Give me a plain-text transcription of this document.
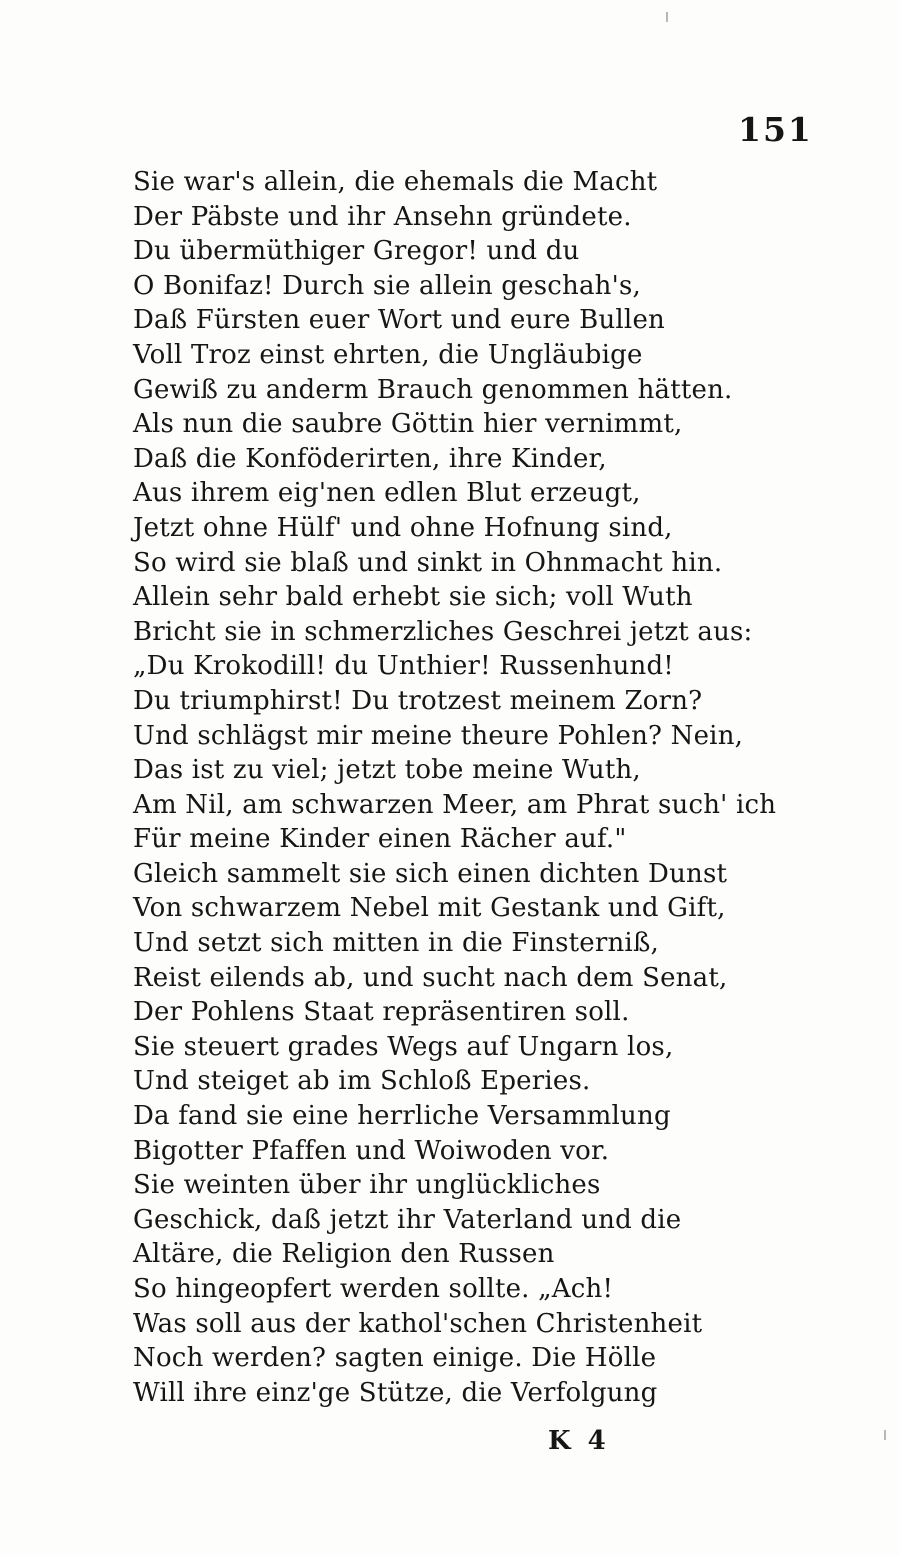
151

Sie war's allein, die ehemals die Macht
Der Päbste und ihr Ansehn gründete.
Du übermüthiger Gregor! und du
O Bonifaz! Durch sie allein geschah's,
Daß Fürsten euer Wort und eure Bullen
Voll Troz einst ehrten, die Ungläubige
Gewiß zu anderm Brauch genommen hätten.
Als nun die saubre Göttin hier vernimmt,
Daß die Konföderirten, ihre Kinder,
Aus ihrem eig'nen edlen Blut erzeugt,
Jetzt ohne Hülf' und ohne Hofnung sind,
So wird sie blaß und sinkt in Ohnmacht hin.
Allein sehr bald erhebt sie sich; voll Wuth
Bricht sie in schmerzliches Geschrei jetzt aus:
„Du Krokodill! du Unthier! Russenhund!
Du triumphirst! Du trotzest meinem Zorn?
Und schlägst mir meine theure Pohlen? Nein,
Das ist zu viel; jetzt tobe meine Wuth,
Am Nil, am schwarzen Meer, am Phrat such' ich
Für meine Kinder einen Rächer auf."
Gleich sammelt sie sich einen dichten Dunst
Von schwarzem Nebel mit Gestank und Gift,
Und setzt sich mitten in die Finsterniß,
Reist eilends ab, und sucht nach dem Senat,
Der Pohlens Staat repräsentiren soll.
Sie steuert grades Wegs auf Ungarn los,
Und steiget ab im Schloß Eperies.
Da fand sie eine herrliche Versammlung
Bigotter Pfaffen und Woiwoden vor.
Sie weinten über ihr unglückliches
Geschick, daß jetzt ihr Vaterland und die
Altäre, die Religion den Russen
So hingeopfert werden sollte. „Ach!
Was soll aus der kathol'schen Christenheit
Noch werden? sagten einige. Die Hölle
Will ihre einz'ge Stütze, die Verfolgung

K 4
